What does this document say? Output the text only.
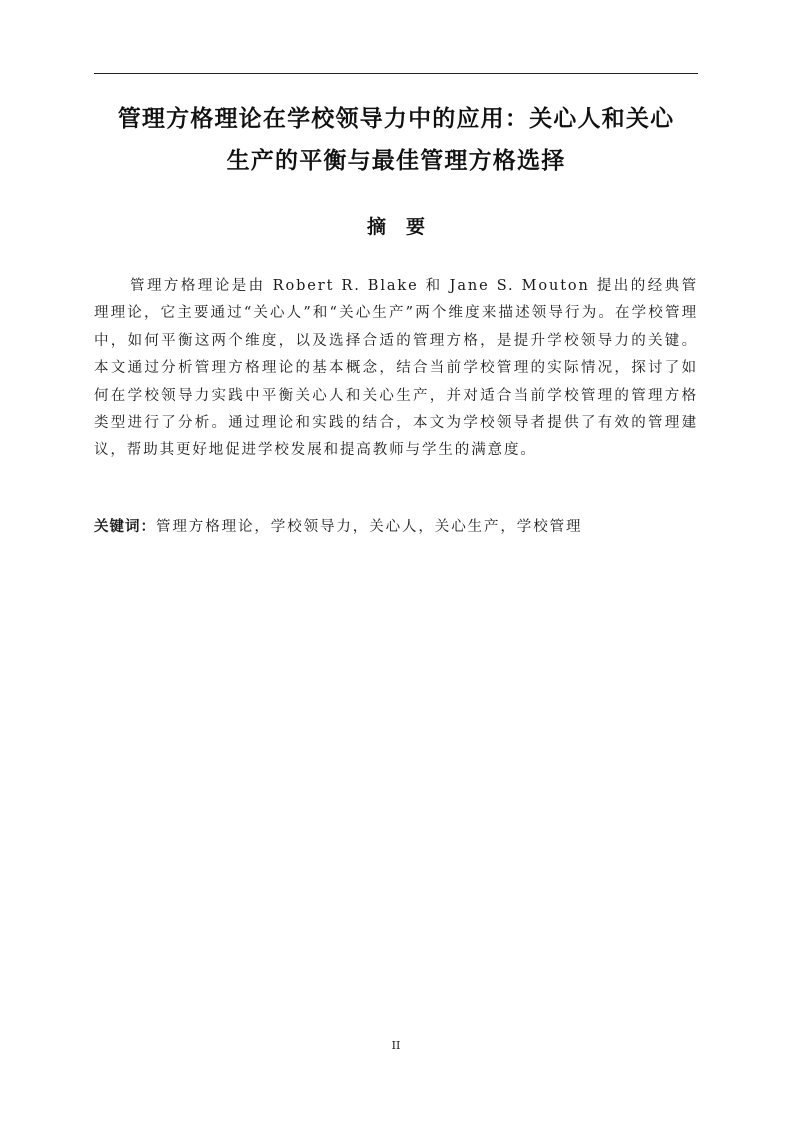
管理方格理论在学校领导力中的应用：关心人和关心
生产的平衡与最佳管理方格选择
摘要

管理方格理论是由 Robert R. Blake 和 Jane S. Mouton 提出的经典管理理论，它主要通过“关心人”和“关心生产”两个维度来描述领导行为。在学校管理中，如何平衡这两个维度，以及选择合适的管理方格，是提升学校领导力的关键。本文通过分析管理方格理论的基本概念，结合当前学校管理的实际情况，探讨了如何在学校领导力实践中平衡关心人和关心生产，并对适合当前学校管理的管理方格类型进行了分析。通过理论和实践的结合，本文为学校领导者提供了有效的管理建议，帮助其更好地促进学校发展和提高教师与学生的满意度。

关键词：管理方格理论，学校领导力，关心人，关心生产，学校管理

II
